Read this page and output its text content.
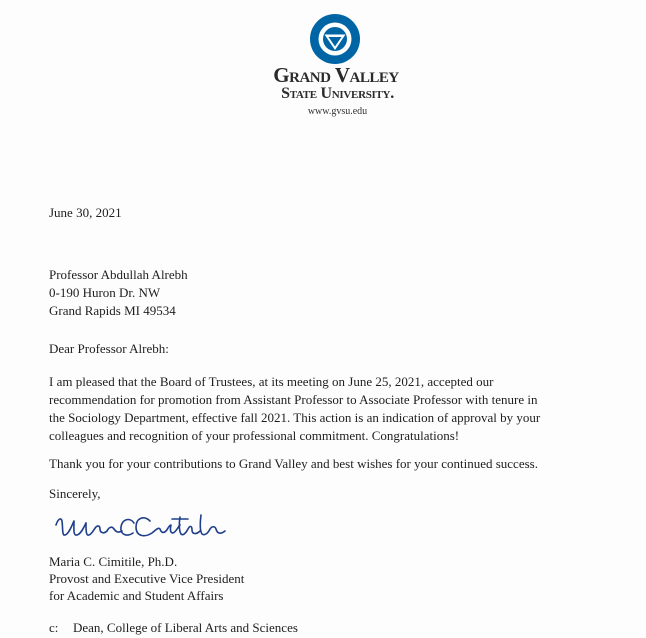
Grand Valley
State University.
www.gvsu.edu
June 30, 2021
Professor Abdullah Alrebh
0-190 Huron Dr. NW
Grand Rapids MI 49534
Dear Professor Alrebh:
I am pleased that the Board of Trustees, at its meeting on June 25, 2021, accepted our
recommendation for promotion from Assistant Professor to Associate Professor with tenure in
the Sociology Department, effective fall 2021. This action is an indication of approval by your
colleagues and recognition of your professional commitment. Congratulations!
Thank you for your contributions to Grand Valley and best wishes for your continued success.
Sincerely,
Maria C. Cimitile, Ph.D.
Provost and Executive Vice President
for Academic and Student Affairs
c: Dean, College of Liberal Arts and Sciences
